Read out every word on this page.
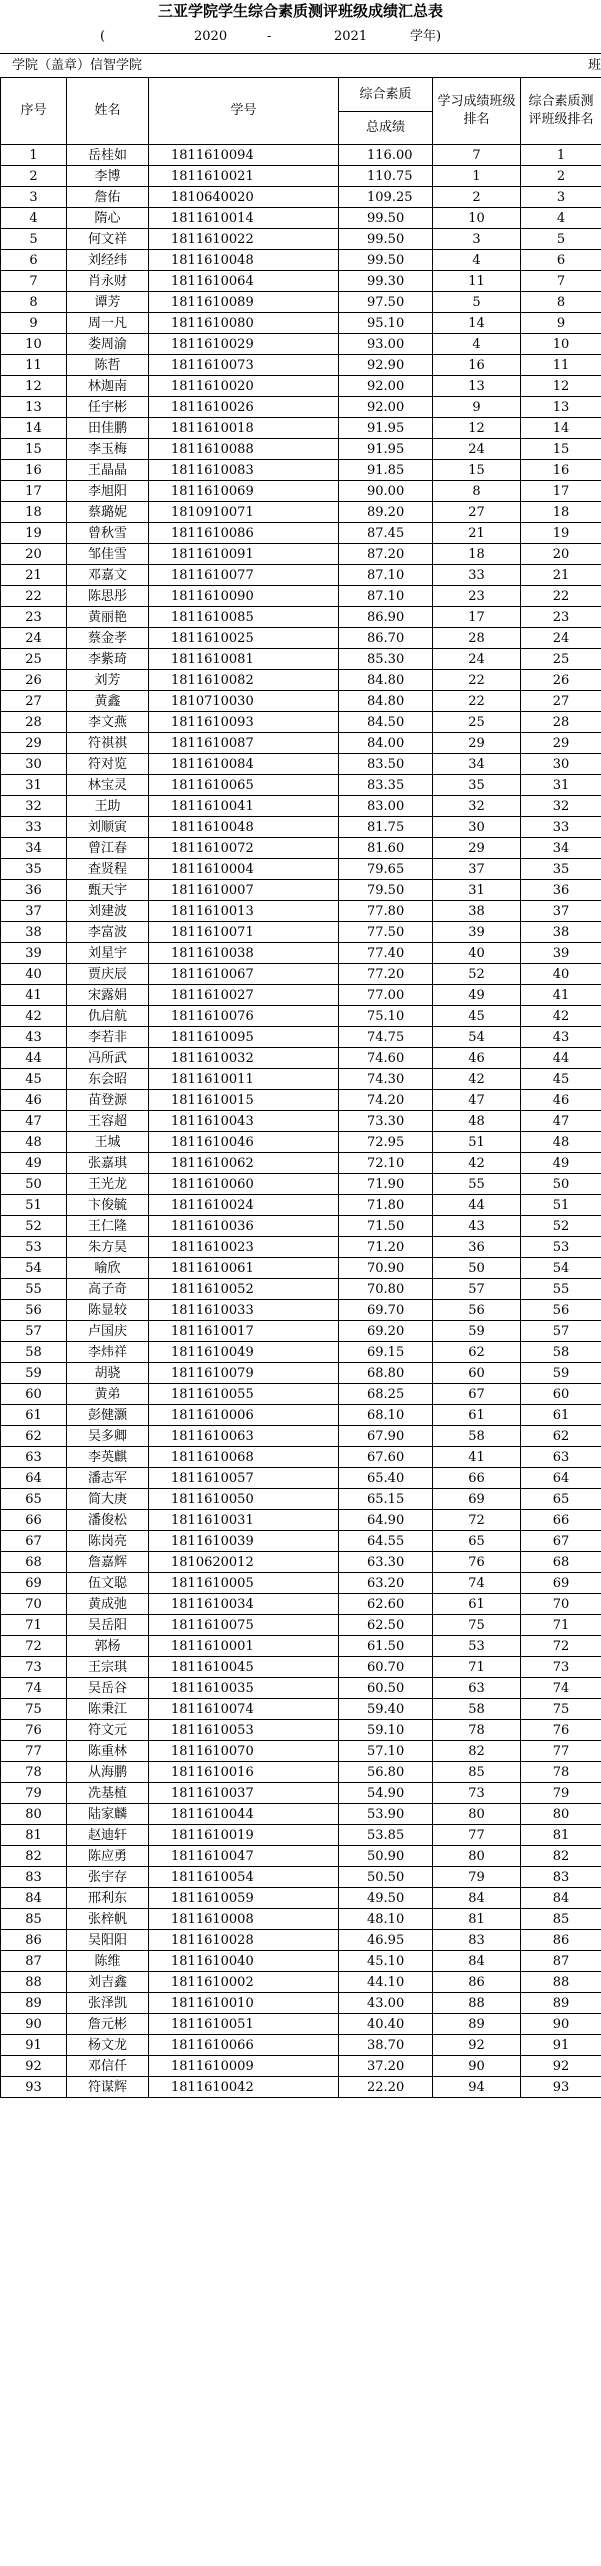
三亚学院学生综合素质测评班级成绩汇总表
(	2020	-	2021	学年)
学院（盖章）信智学院	班
序号	姓名	学号	综合素质
总成绩	学习成绩班级排名	综合素质测评班级排名
1	岳桂如	1811610094	116.00	7	1
2	李博	1811610021	110.75	1	2
3	詹佑	1810640020	109.25	2	3
4	隋心	1811610014	99.50	10	4
5	何文祥	1811610022	99.50	3	5
6	刘经纬	1811610048	99.50	4	6
7	肖永财	1811610064	99.30	11	7
8	谭芳	1811610089	97.50	5	8
9	周一凡	1811610080	95.10	14	9
10	娄周渝	1811610029	93.00	4	10
11	陈哲	1811610073	92.90	16	11
12	林迦南	1811610020	92.00	13	12
13	任宇彬	1811610026	92.00	9	13
14	田佳鹏	1811610018	91.95	12	14
15	李玉梅	1811610088	91.95	24	15
16	王晶晶	1811610083	91.85	15	16
17	李旭阳	1811610069	90.00	8	17
18	蔡璐妮	1810910071	89.20	27	18
19	曾秋雪	1811610086	87.45	21	19
20	邹佳雪	1811610091	87.20	18	20
21	邓嘉文	1811610077	87.10	33	21
22	陈思彤	1811610090	87.10	23	22
23	黄丽艳	1811610085	86.90	17	23
24	蔡金孝	1811610025	86.70	28	24
25	李紫琦	1811610081	85.30	24	25
26	刘芳	1811610082	84.80	22	26
27	黄鑫	1810710030	84.80	22	27
28	李文燕	1811610093	84.50	25	28
29	符祺祺	1811610087	84.00	29	29
30	符对览	1811610084	83.50	34	30
31	林宝灵	1811610065	83.35	35	31
32	王助	1811610041	83.00	32	32
33	刘顺寅	1811610048	81.75	30	33
34	曾江春	1811610072	81.60	29	34
35	查贤程	1811610004	79.65	37	35
36	甄天宇	1811610007	79.50	31	36
37	刘建波	1811610013	77.80	38	37
38	李富波	1811610071	77.50	39	38
39	刘星宇	1811610038	77.40	40	39
40	贾庆辰	1811610067	77.20	52	40
41	宋露娟	1811610027	77.00	49	41
42	仇启航	1811610076	75.10	45	42
43	李若非	1811610095	74.75	54	43
44	冯所武	1811610032	74.60	46	44
45	东会昭	1811610011	74.30	42	45
46	苗登源	1811610015	74.20	47	46
47	王容超	1811610043	73.30	48	47
48	王城	1811610046	72.95	51	48
49	张嘉琪	1811610062	72.10	42	49
50	王光龙	1811610060	71.90	55	50
51	卞俊毓	1811610024	71.80	44	51
52	王仁隆	1811610036	71.50	43	52
53	朱方昊	1811610023	71.20	36	53
54	喻欣	1811610061	70.90	50	54
55	高子奇	1811610052	70.80	57	55
56	陈显较	1811610033	69.70	56	56
57	卢国庆	1811610017	69.20	59	57
58	李炜祥	1811610049	69.15	62	58
59	胡骁	1811610079	68.80	60	59
60	黄弟	1811610055	68.25	67	60
61	彭健灏	1811610006	68.10	61	61
62	吴多卿	1811610063	67.90	58	62
63	李英麒	1811610068	67.60	41	63
64	潘志军	1811610057	65.40	66	64
65	简大庚	1811610050	65.15	69	65
66	潘俊松	1811610031	64.90	72	66
67	陈岗亮	1811610039	64.55	65	67
68	詹嘉辉	1810620012	63.30	76	68
69	伍文聪	1811610005	63.20	74	69
70	黄成弛	1811610034	62.60	61	70
71	吴岳阳	1811610075	62.50	75	71
72	郭杨	1811610001	61.50	53	72
73	王宗琪	1811610045	60.70	71	73
74	吴岳谷	1811610035	60.50	63	74
75	陈秉江	1811610074	59.40	58	75
76	符文元	1811610053	59.10	78	76
77	陈重林	1811610070	57.10	82	77
78	从海鹏	1811610016	56.80	85	78
79	冼基植	1811610037	54.90	73	79
80	陆家麟	1811610044	53.90	80	80
81	赵迪轩	1811610019	53.85	77	81
82	陈应勇	1811610047	50.90	80	82
83	张宇存	1811610054	50.50	79	83
84	邢利东	1811610059	49.50	84	84
85	张梓帆	1811610008	48.10	81	85
86	吴阳阳	1811610028	46.95	83	86
87	陈维	1811610040	45.10	84	87
88	刘吉鑫	1811610002	44.10	86	88
89	张泽凯	1811610010	43.00	88	89
90	詹元彬	1811610051	40.40	89	90
91	杨文龙	1811610066	38.70	92	91
92	邓信仟	1811610009	37.20	90	92
93	符谋辉	1811610042	22.20	94	93
